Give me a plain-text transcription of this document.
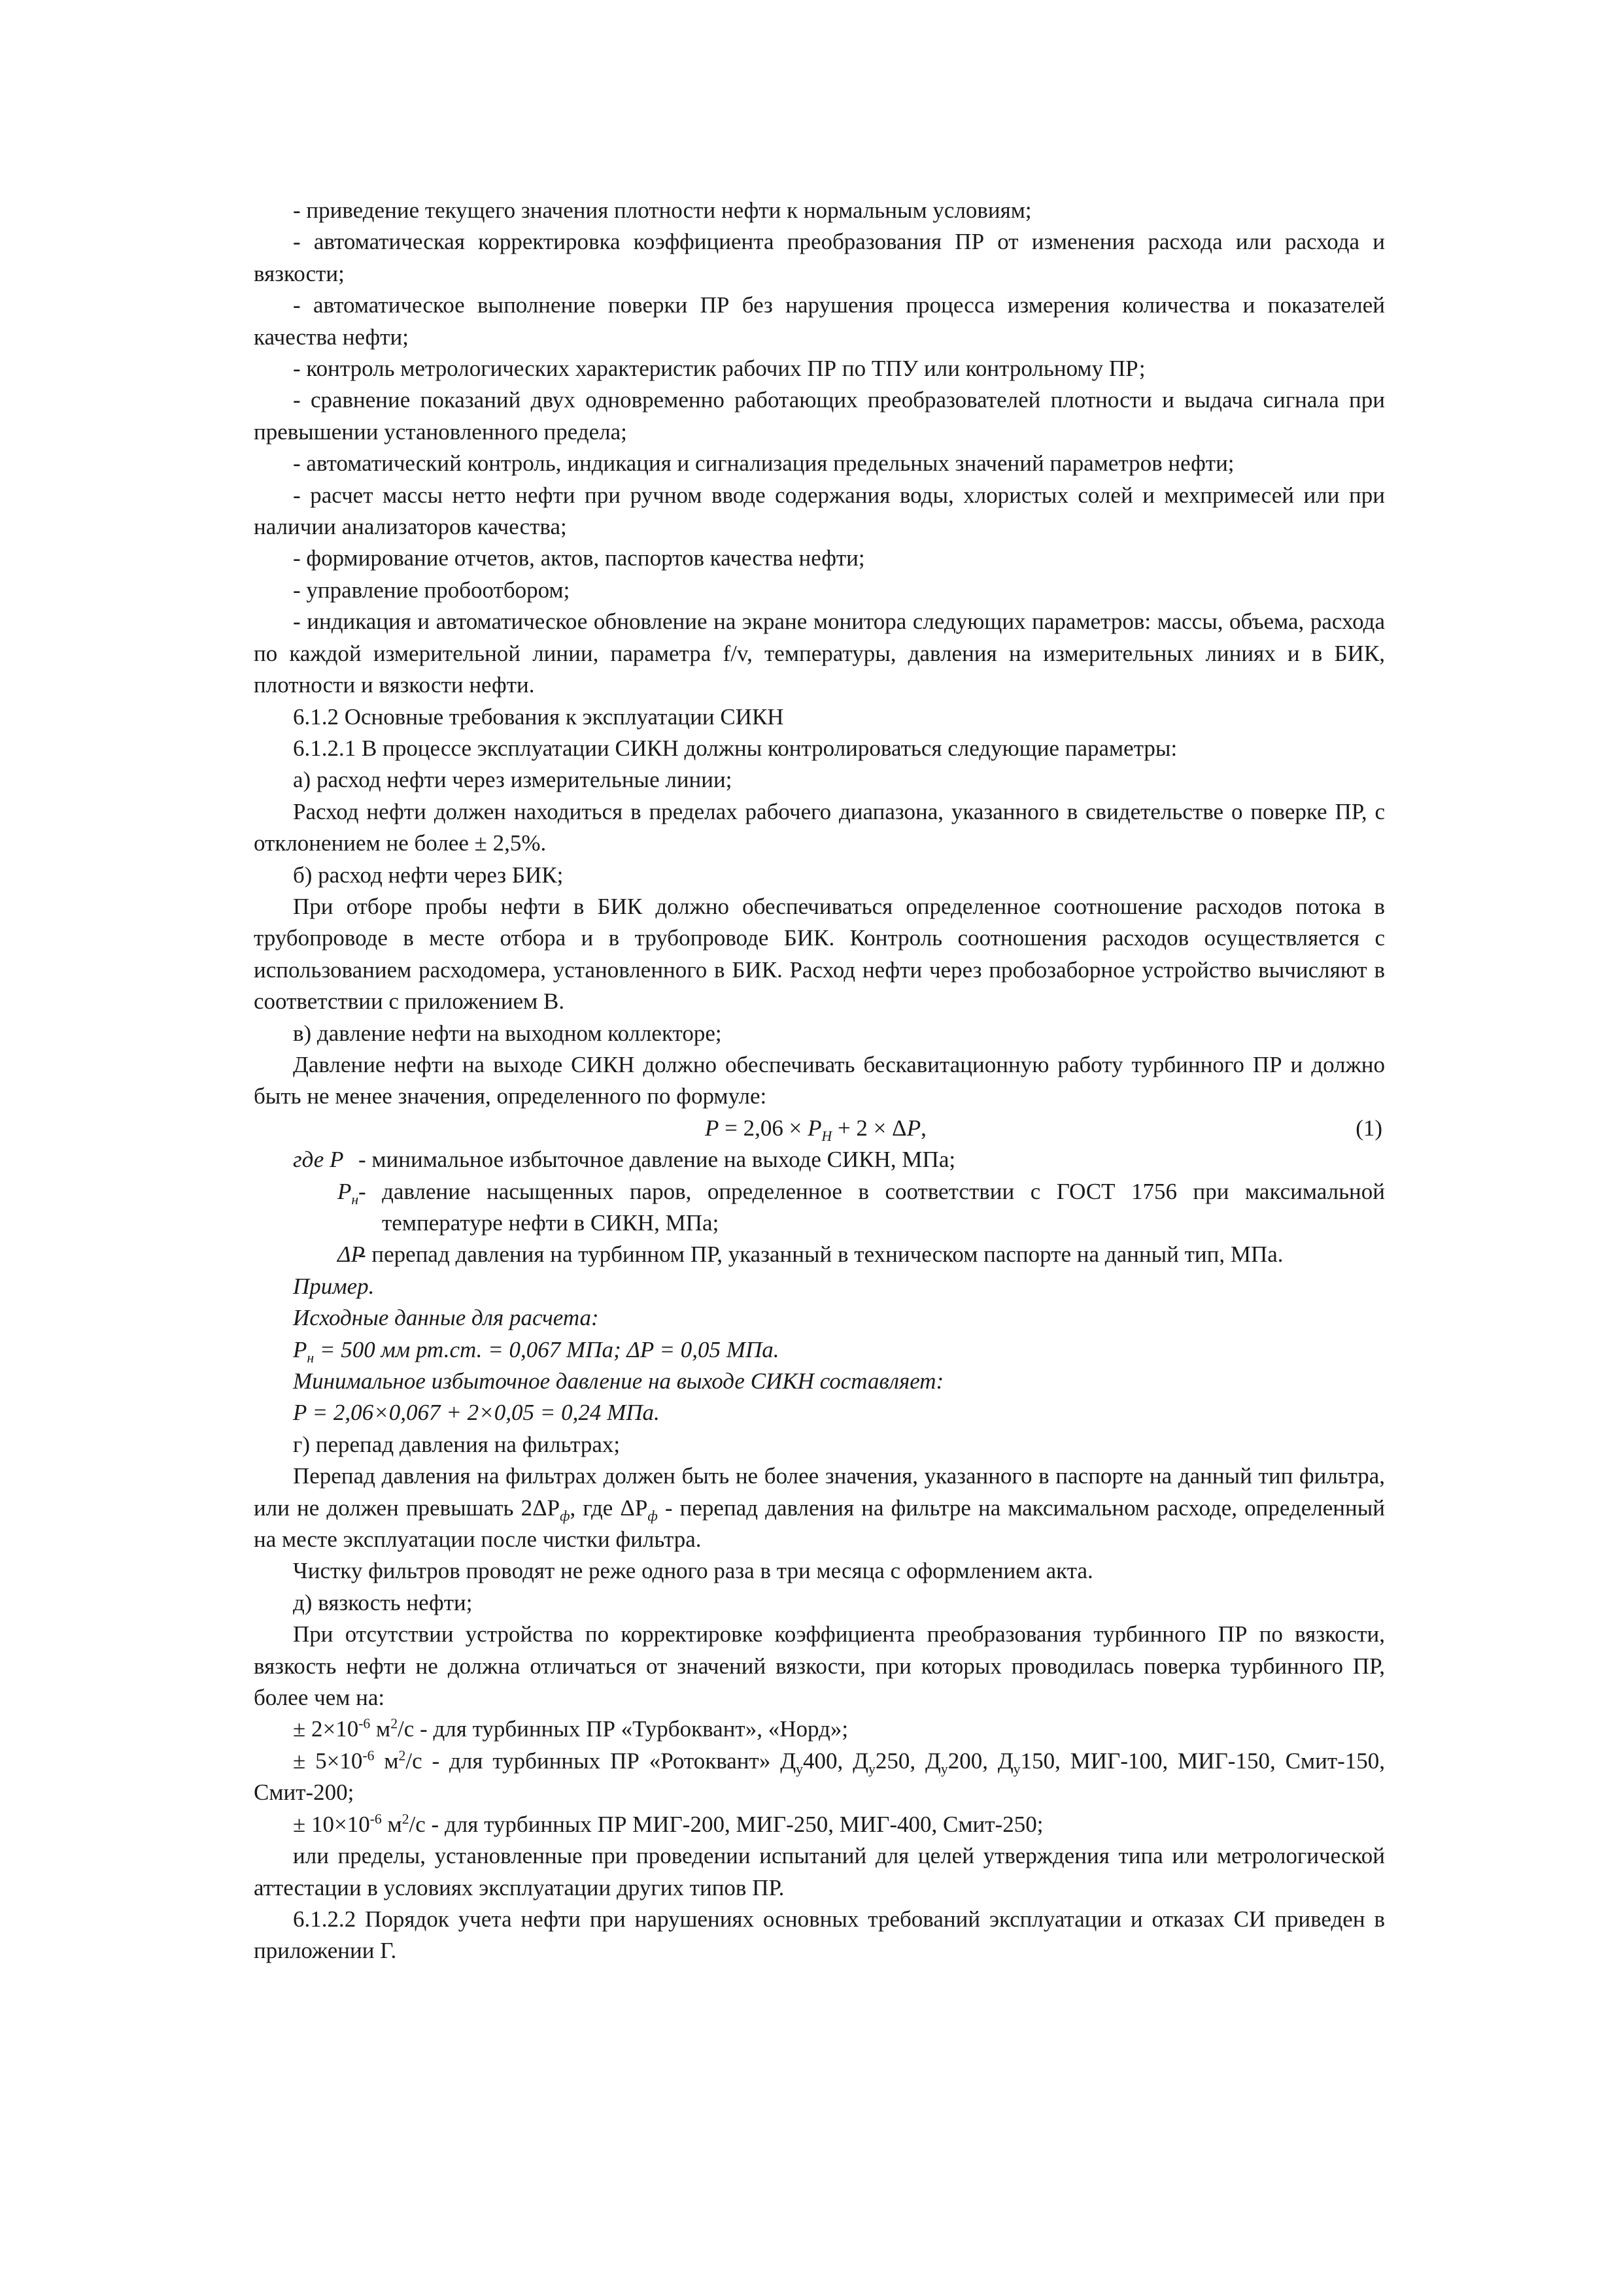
- приведение текущего значения плотности нефти к нормальным условиям;

- автоматическая корректировка коэффициента преобразования ПР от изменения расхода или расхода и вязкости;

- автоматическое выполнение поверки ПР без нарушения процесса измерения количества и показателей качества нефти;

- контроль метрологических характеристик рабочих ПР по ТПУ или контрольному ПР;

- сравнение показаний двух одновременно работающих преобразователей плотности и выдача сигнала при превышении установленного предела;

- автоматический контроль, индикация и сигнализация предельных значений параметров нефти;

- расчет массы нетто нефти при ручном вводе содержания воды, хлористых солей и мехпримесей или при наличии анализаторов качества;

- формирование отчетов, актов, паспортов качества нефти;

- управление пробоотбором;

- индикация и автоматическое обновление на экране монитора следующих параметров: массы, объема, расхода по каждой измерительной линии, параметра f/v, температуры, давления на измерительных линиях и в БИК, плотности и вязкости нефти.

6.1.2 Основные требования к эксплуатации СИКН

6.1.2.1 В процессе эксплуатации СИКН должны контролироваться следующие параметры:

а) расход нефти через измерительные линии;

Расход нефти должен находиться в пределах рабочего диапазона, указанного в свидетельстве о поверке ПР, с отклонением не более ± 2,5%.

б) расход нефти через БИК;

При отборе пробы нефти в БИК должно обеспечиваться определенное соотношение расходов потока в трубопроводе в месте отбора и в трубопроводе БИК. Контроль соотношения расходов осуществляется с использованием расходомера, установленного в БИК. Расход нефти через пробозаборное устройство вычисляют в соответствии с приложением В.

в) давление нефти на выходном коллекторе;

Давление нефти на выходе СИКН должно обеспечивать бескавитационную работу турбинного ПР и должно быть не менее значения, определенного по формуле:

$P = 2,06 \times P_Н + 2 \times \Delta P$,	(1)
где P - минимальное избыточное давление на выходе СИКН, МПа;
$P_н$ - давление насыщенных паров, определенное в соответствии с ГОСТ 1756 при максимальной температуре нефти в СИКН, МПа;
ΔP
- перепад давления на турбинном ПР, указанный в техническом паспорте на данный тип, МПа.

Пример.

Исходные данные для расчета:

$P_н = 500$ мм рт.ст. = 0,067 МПа; ΔP = 0,05 МПа.

Минимальное избыточное давление на выходе СИКН составляет:

P = 2,06×0,067 + 2×0,05 = 0,24 МПа.

г) перепад давления на фильтрах;

Перепад давления на фильтрах должен быть не более значения, указанного в паспорте на данный тип фильтра, или не должен превышать $2\Delta P_ф$, где $\Delta P_ф$ - перепад давления на фильтре на максимальном расходе, определенный на месте эксплуатации после чистки фильтра.

Чистку фильтров проводят не реже одного раза в три месяца с оформлением акта.

д) вязкость нефти;

При отсутствии устройства по корректировке коэффициента преобразования турбинного ПР по вязкости, вязкость нефти не должна отличаться от значений вязкости, при которых проводилась поверка турбинного ПР, более чем на:

± $2\times 10^{-6}$ $м^2/с$ - для турбинных ПР «Турбоквант», «Норд»;

± $5\times 10^{-6}$ $м^2/с$ - для турбинных ПР «Ротоквант» $Д_у400$, $Д_у250$, $Д_у200$, $Д_у150$, МИГ-100, МИГ-150, Смит-150, Смит-200;

± $10\times 10^{-6}$ $м^2/с$ - для турбинных ПР МИГ-200, МИГ-250, МИГ-400, Смит-250;

или пределы, установленные при проведении испытаний для целей утверждения типа или метрологической аттестации в условиях эксплуатации других типов ПР.

6.1.2.2 Порядок учета нефти при нарушениях основных требований эксплуатации и отказах СИ приведен в приложении Г.
